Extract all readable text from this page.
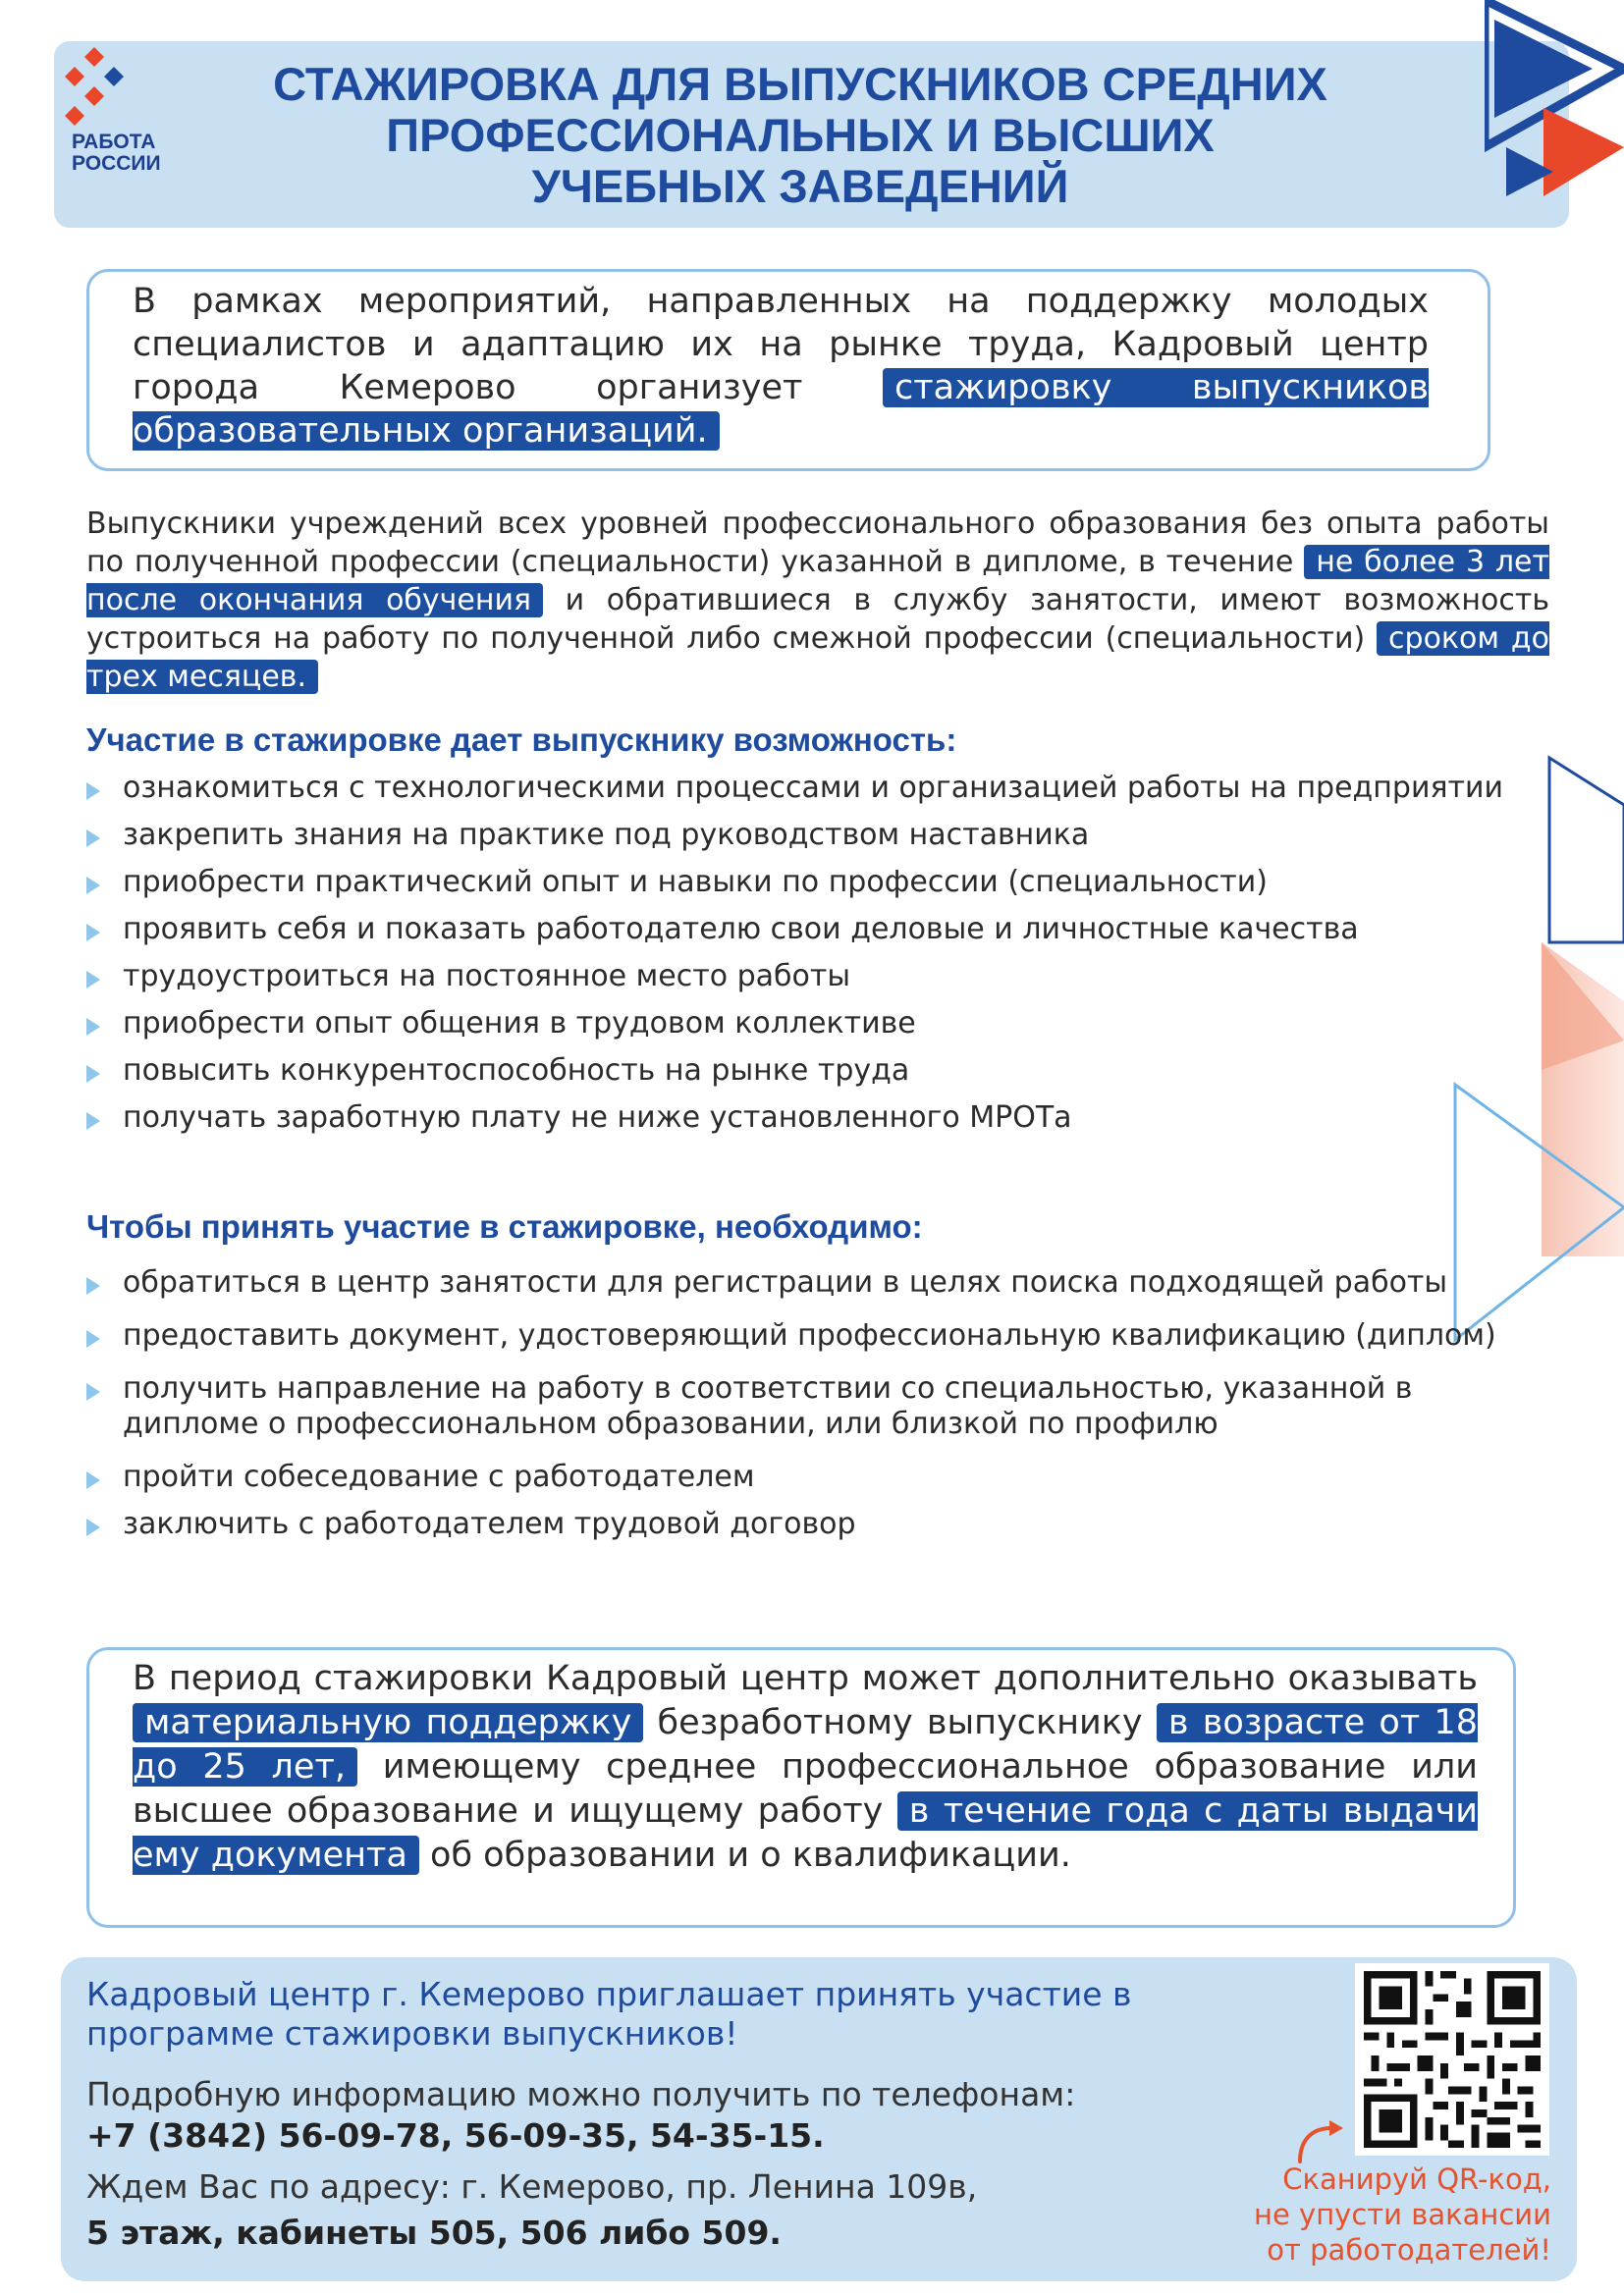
РАБОТА
РОССИИ
СТАЖИРОВКА ДЛЯ ВЫПУСКНИКОВ СРЕДНИХ
ПРОФЕССИОНАЛЬНЫХ И ВЫСШИХ
УЧЕБНЫХ ЗАВЕДЕНИЙ
В рамках мероприятий, направленных на поддержку молодых специалистов и адаптацию их на рынке труда, Кадровый центр города Кемерово организует	стажировку выпускников образовательных организаций.
Выпускники учреждений всех уровней профессионального образования без опыта работы по полученной профессии (специальности) указанной в дипломе, в течение не более 3 лет после окончания обучения и обратившиеся в службу занятости, имеют возможность устроиться на работу по полученной либо смежной профессии (специальности) сроком до трех месяцев.
Участие в стажировке дает выпускнику возможность:
ознакомиться с технологическими процессами и организацией работы на предприятии
закрепить знания на практике под руководством наставника
приобрести практический опыт и навыки по профессии (специальности)
проявить себя и показать работодателю свои деловые и личностные качества
трудоустроиться на постоянное место работы
приобрести опыт общения в трудовом коллективе
повысить конкурентоспособность на рынке труда
получать заработную плату не ниже установленного МРОТа
Чтобы принять участие в стажировке, необходимо:
обратиться в центр занятости для регистрации в целях поиска подходящей работы
предоставить документ, удостоверяющий профессиональную квалификацию (диплом)
получить направление на работу в соответствии со специальностью, указанной в дипломе о профессиональном образовании, или близкой по профилю
пройти собеседование с работодателем
заключить с работодателем трудовой договор
В период стажировки Кадровый центр может дополнительно оказывать материальную поддержку безработному выпускнику в возрасте от 18 до 25 лет, имеющему среднее профессиональное образование или высшее образование и ищущему работу в течение года с даты выдачи ему документа об образовании и о квалификации.
Кадровый центр г. Кемерово приглашает принять участие в программе стажировки выпускников!
Подробную информацию можно получить по телефонам:
+7 (3842) 56-09-78, 56-09-35, 54-35-15.
Ждем Вас по адресу: г. Кемерово, пр. Ленина 109в,
5 этаж, кабинеты 505, 506 либо 509.
Сканируй QR-код,
не упусти вакансии
от работодателей!
